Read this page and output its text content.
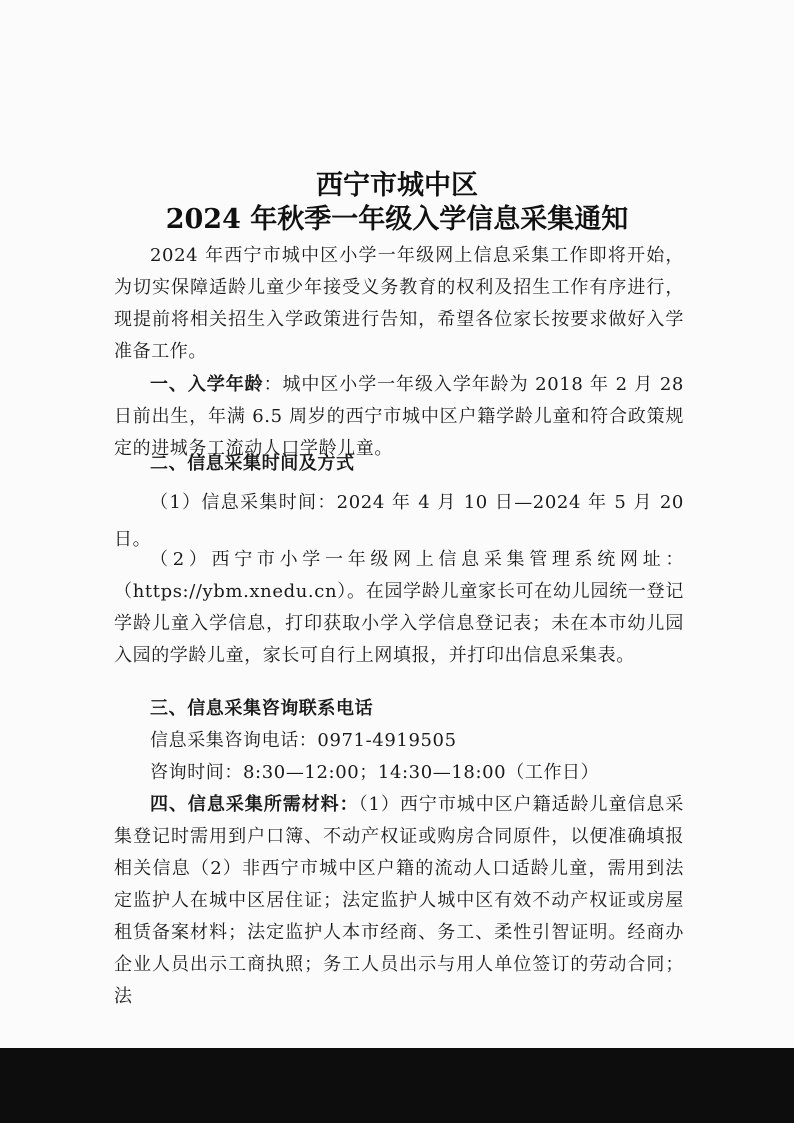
西宁市城中区
2024 年秋季一年级入学信息采集通知

2024 年西宁市城中区小学一年级网上信息采集工作即将开始，为切实保障适龄儿童少年接受义务教育的权利及招生工作有序进行，现提前将相关招生入学政策进行告知，希望各位家长按要求做好入学准备工作。

一、入学年龄：城中区小学一年级入学年龄为 2018 年 2 月 28 日前出生，年满 6.5 周岁的西宁市城中区户籍学龄儿童和符合政策规定的进城务工流动人口学龄儿童。

二、信息采集时间及方式

（1）信息采集时间：2024 年 4 月 10 日—2024 年 5 月 20 日。

（2）西宁市小学一年级网上信息采集管理系统网址：（https://ybm.xnedu.cn）。在园学龄儿童家长可在幼儿园统一登记学龄儿童入学信息，打印获取小学入学信息登记表；未在本市幼儿园入园的学龄儿童，家长可自行上网填报，并打印出信息采集表。

三、信息采集咨询联系电话

信息采集咨询电话：0971-4919505

咨询时间：8:30—12:00；14:30—18:00（工作日）

四、信息采集所需材料：（1）西宁市城中区户籍适龄儿童信息采集登记时需用到户口簿、不动产权证或购房合同原件，以便准确填报相关信息（2）非西宁市城中区户籍的流动人口适龄儿童，需用到法定监护人在城中区居住证；法定监护人城中区有效不动产权证或房屋租赁备案材料；法定监护人本市经商、务工、柔性引智证明。经商办企业人员出示工商执照；务工人员出示与用人单位签订的劳动合同；法
